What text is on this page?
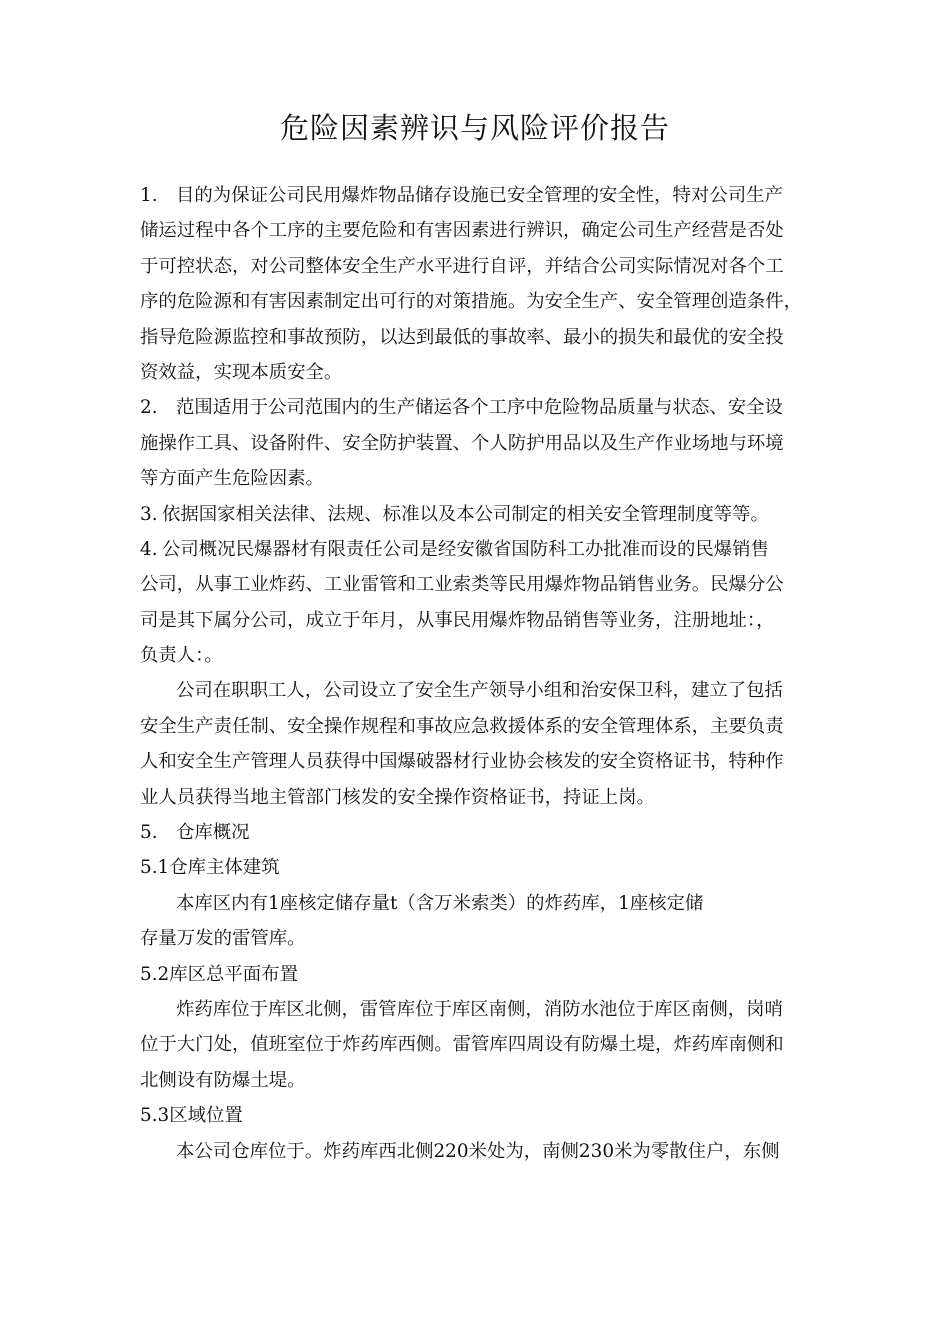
危险因素辨识与风险评价报告
1. 目的为保证公司民用爆炸物品储存设施已安全管理的安全性，特对公司生产
储运过程中各个工序的主要危险和有害因素进行辨识，确定公司生产经营是否处
于可控状态，对公司整体安全生产水平进行自评，并结合公司实际情况对各个工
序的危险源和有害因素制定出可行的对策措施。为安全生产、安全管理创造条件，
指导危险源监控和事故预防，以达到最低的事故率、最小的损失和最优的安全投
资效益，实现本质安全。
2. 范围适用于公司范围内的生产储运各个工序中危险物品质量与状态、安全设
施操作工具、设备附件、安全防护装置、个人防护用品以及生产作业场地与环境
等方面产生危险因素。
3. 依据国家相关法律、法规、标准以及本公司制定的相关安全管理制度等等。
4. 公司概况民爆器材有限责任公司是经安徽省国防科工办批准而设的民爆销售
公司，从事工业炸药、工业雷管和工业索类等民用爆炸物品销售业务。民爆分公
司是其下属分公司，成立于年月，从事民用爆炸物品销售等业务，注册地址：，
负责人：。
公司在职职工人，公司设立了安全生产领导小组和治安保卫科，建立了包括
安全生产责任制、安全操作规程和事故应急救援体系的安全管理体系，主要负责
人和安全生产管理人员获得中国爆破器材行业协会核发的安全资格证书，特种作
业人员获得当地主管部门核发的安全操作资格证书，持证上岗。
5. 仓库概况
5.1仓库主体建筑
本库区内有1座核定储存量t（含万米索类）的炸药库，1座核定储
存量万发的雷管库。
5.2库区总平面布置
炸药库位于库区北侧，雷管库位于库区南侧，消防水池位于库区南侧，岗哨
位于大门处，值班室位于炸药库西侧。雷管库四周设有防爆土堤，炸药库南侧和
北侧设有防爆土堤。
5.3区域位置
本公司仓库位于。炸药库西北侧220米处为，南侧230米为零散住户，东侧
